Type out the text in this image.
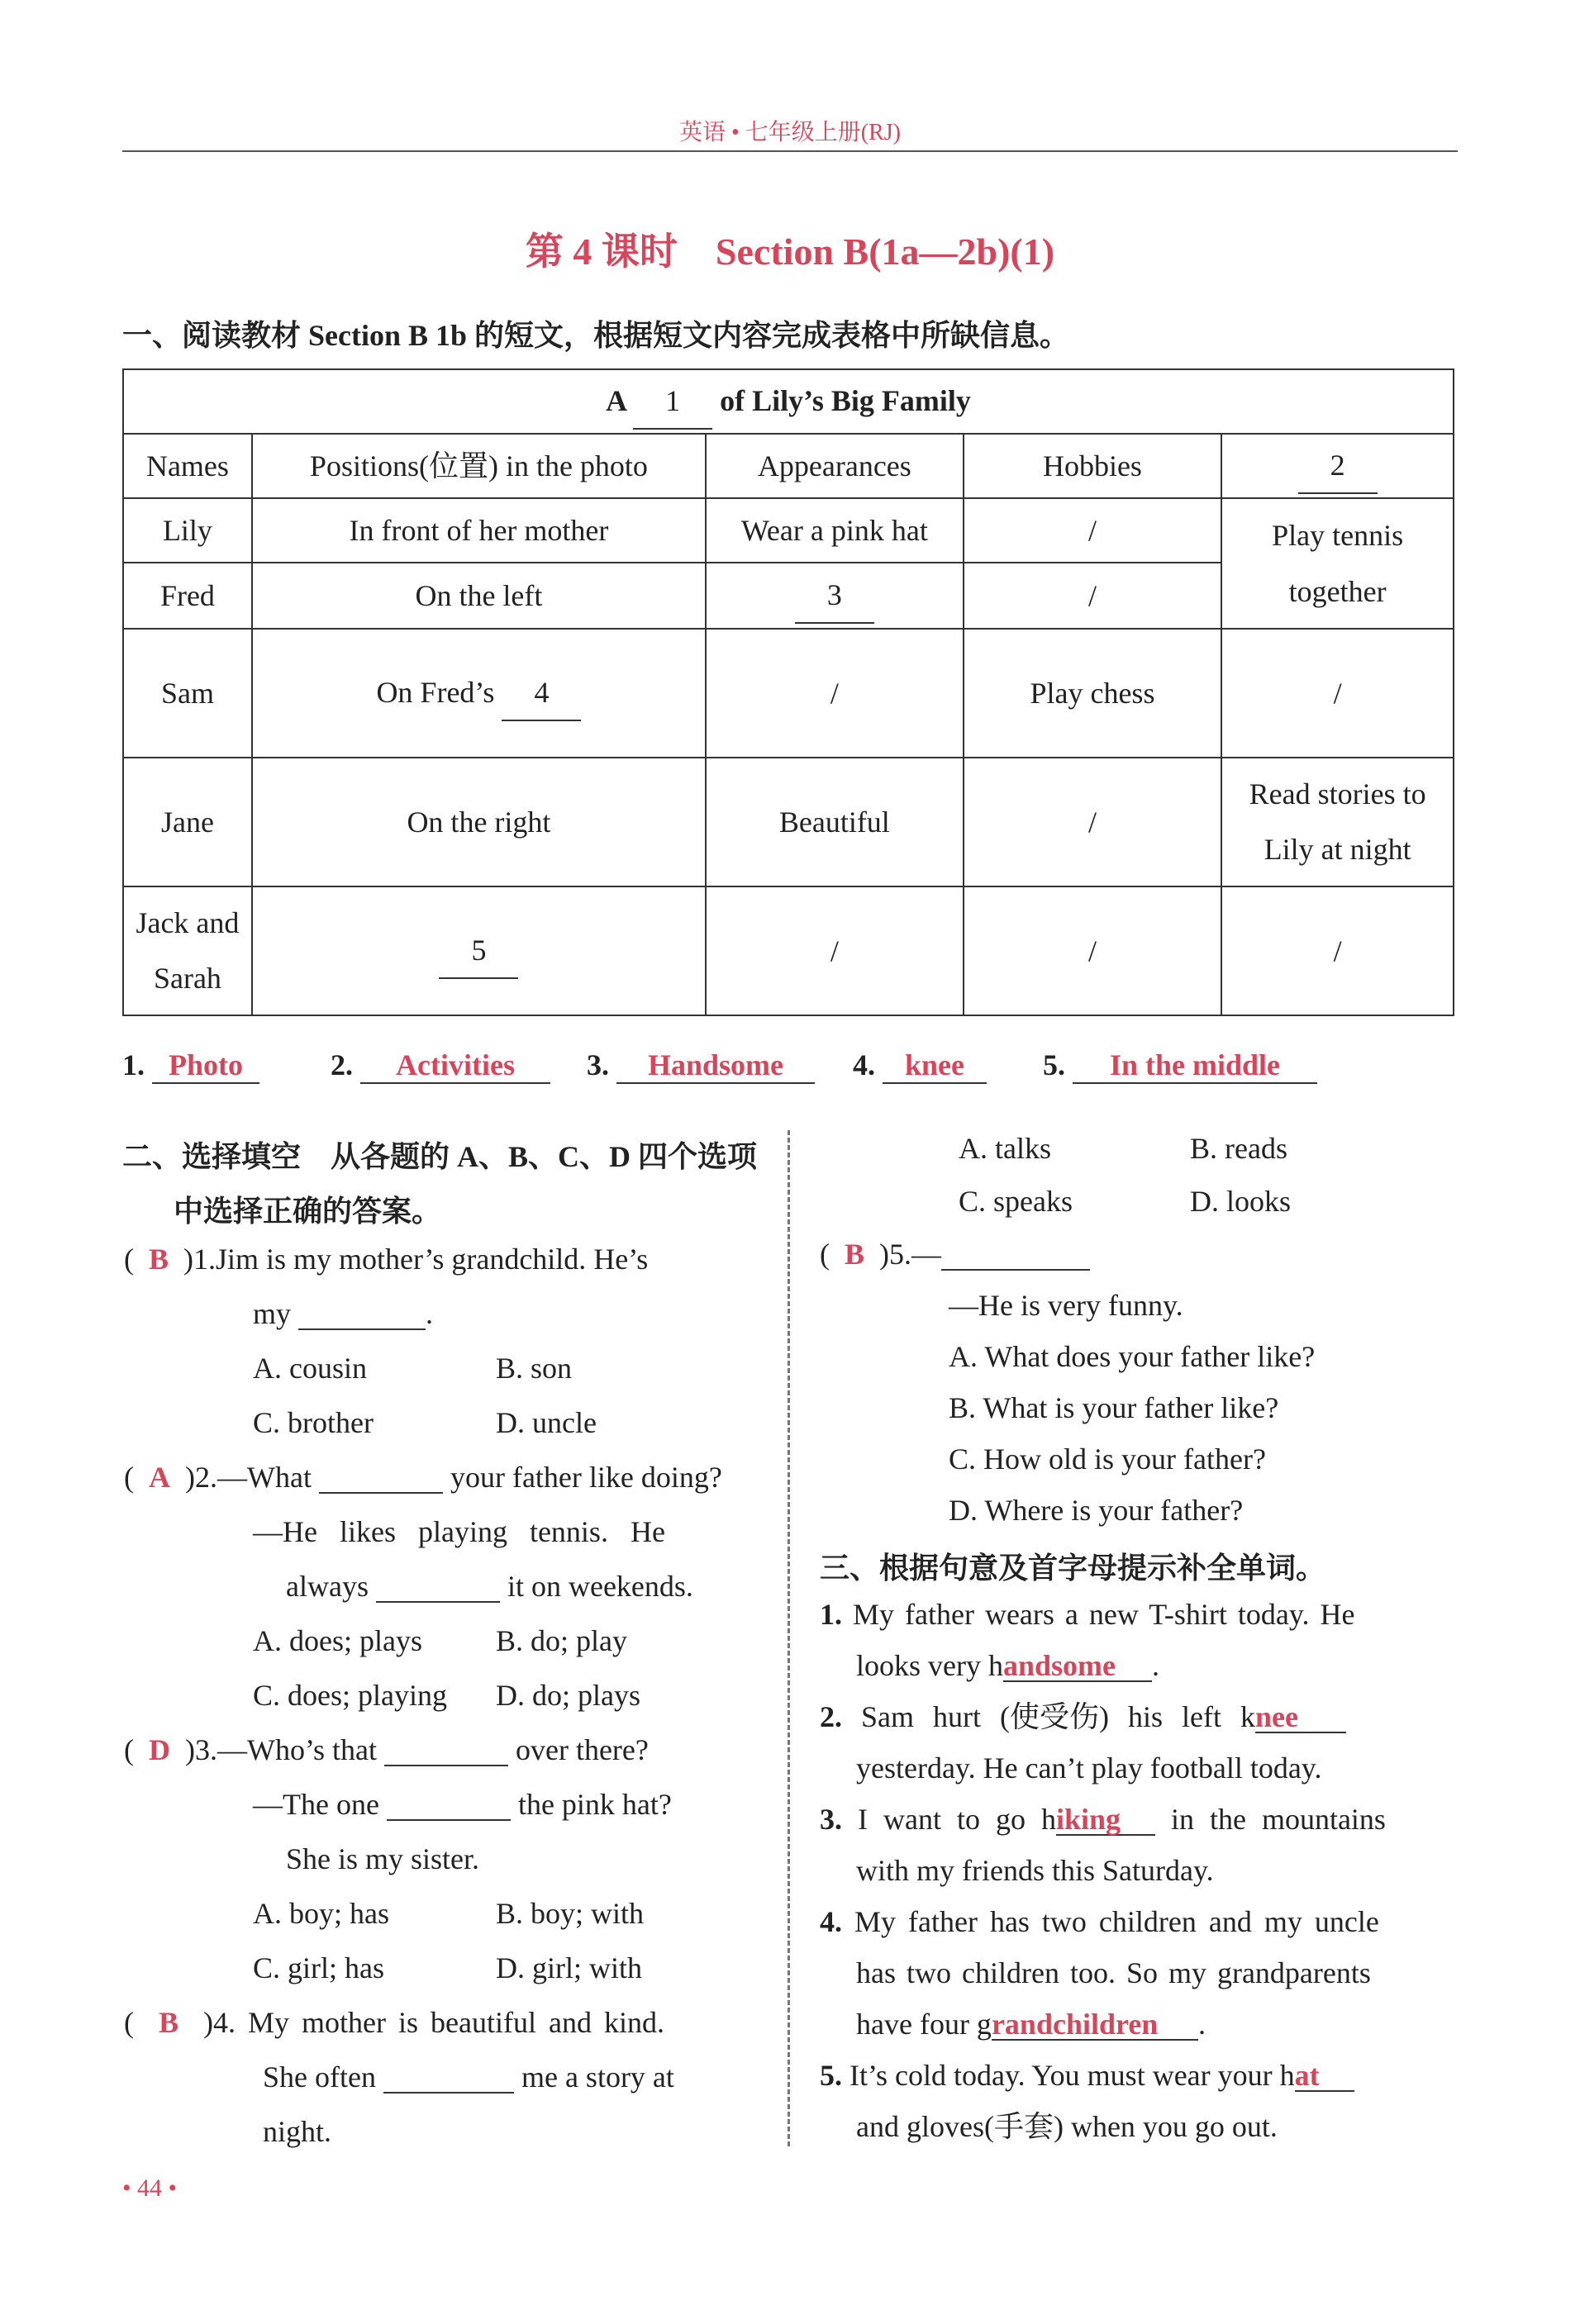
英语 • 七年级上册(RJ)
第 4 课时　Section B(1a—2b)(1)
一、阅读教材 Section B 1b 的短文，根据短文内容完成表格中所缺信息。
A 1 of Lily’s Big Family				
Names	Positions(位置) in the photo	Appearances	Hobbies	2
Lily	In front of her mother	Wear a pink hat	/	Play tennis together
Fred	On the left	3	/	
Sam	On Fred’s 4	/	Play chess	/
Jane	On the right	Beautiful	/	Read stories to Lily at night
Jack and Sarah	5	/	/	/
1. Photo	2. Activities	3. Handsome	4. knee	5. In the middle
二、选择填空　从各题的 A、B、C、D 四个选项
中选择正确的答案。
(  B )1.Jim is my mother’s grandchild. He’s
my	.
A. cousin	B. son
C. brother	D. uncle
(  A )2.—What	your father like doing?
—He likes playing tennis. He
always	it on weekends.
A. does; plays B. do; play
C. does; playing D. do; plays
(  D )3.—Who’s that	over there?
—The one	the pink hat?
She is my sister.
A. boy; has	B. boy; with
C. girl; has	D. girl; with
(  B )4. My mother is beautiful and kind.
She often	me a story at
night.
A. talks	B. reads
C. speaks	D. looks
(  B )5.—
—He is very funny.
A. What does your father like?
B. What is your father like?
C. How old is your father?
D. Where is your father?
三、根据句意及首字母提示补全单词。
1. My father wears a new T-shirt today. He
looks very handsome .
2. Sam hurt (使受伤) his left knee
yesterday. He can’t play football today.
3. I want to go hiking in the mountains
with my friends this Saturday.
4. My father has two children and my uncle
has two children too. So my grandparents
have four grandchildren .
5. It’s cold today. You must wear your hat
and gloves(手套) when you go out.
• 44 •
